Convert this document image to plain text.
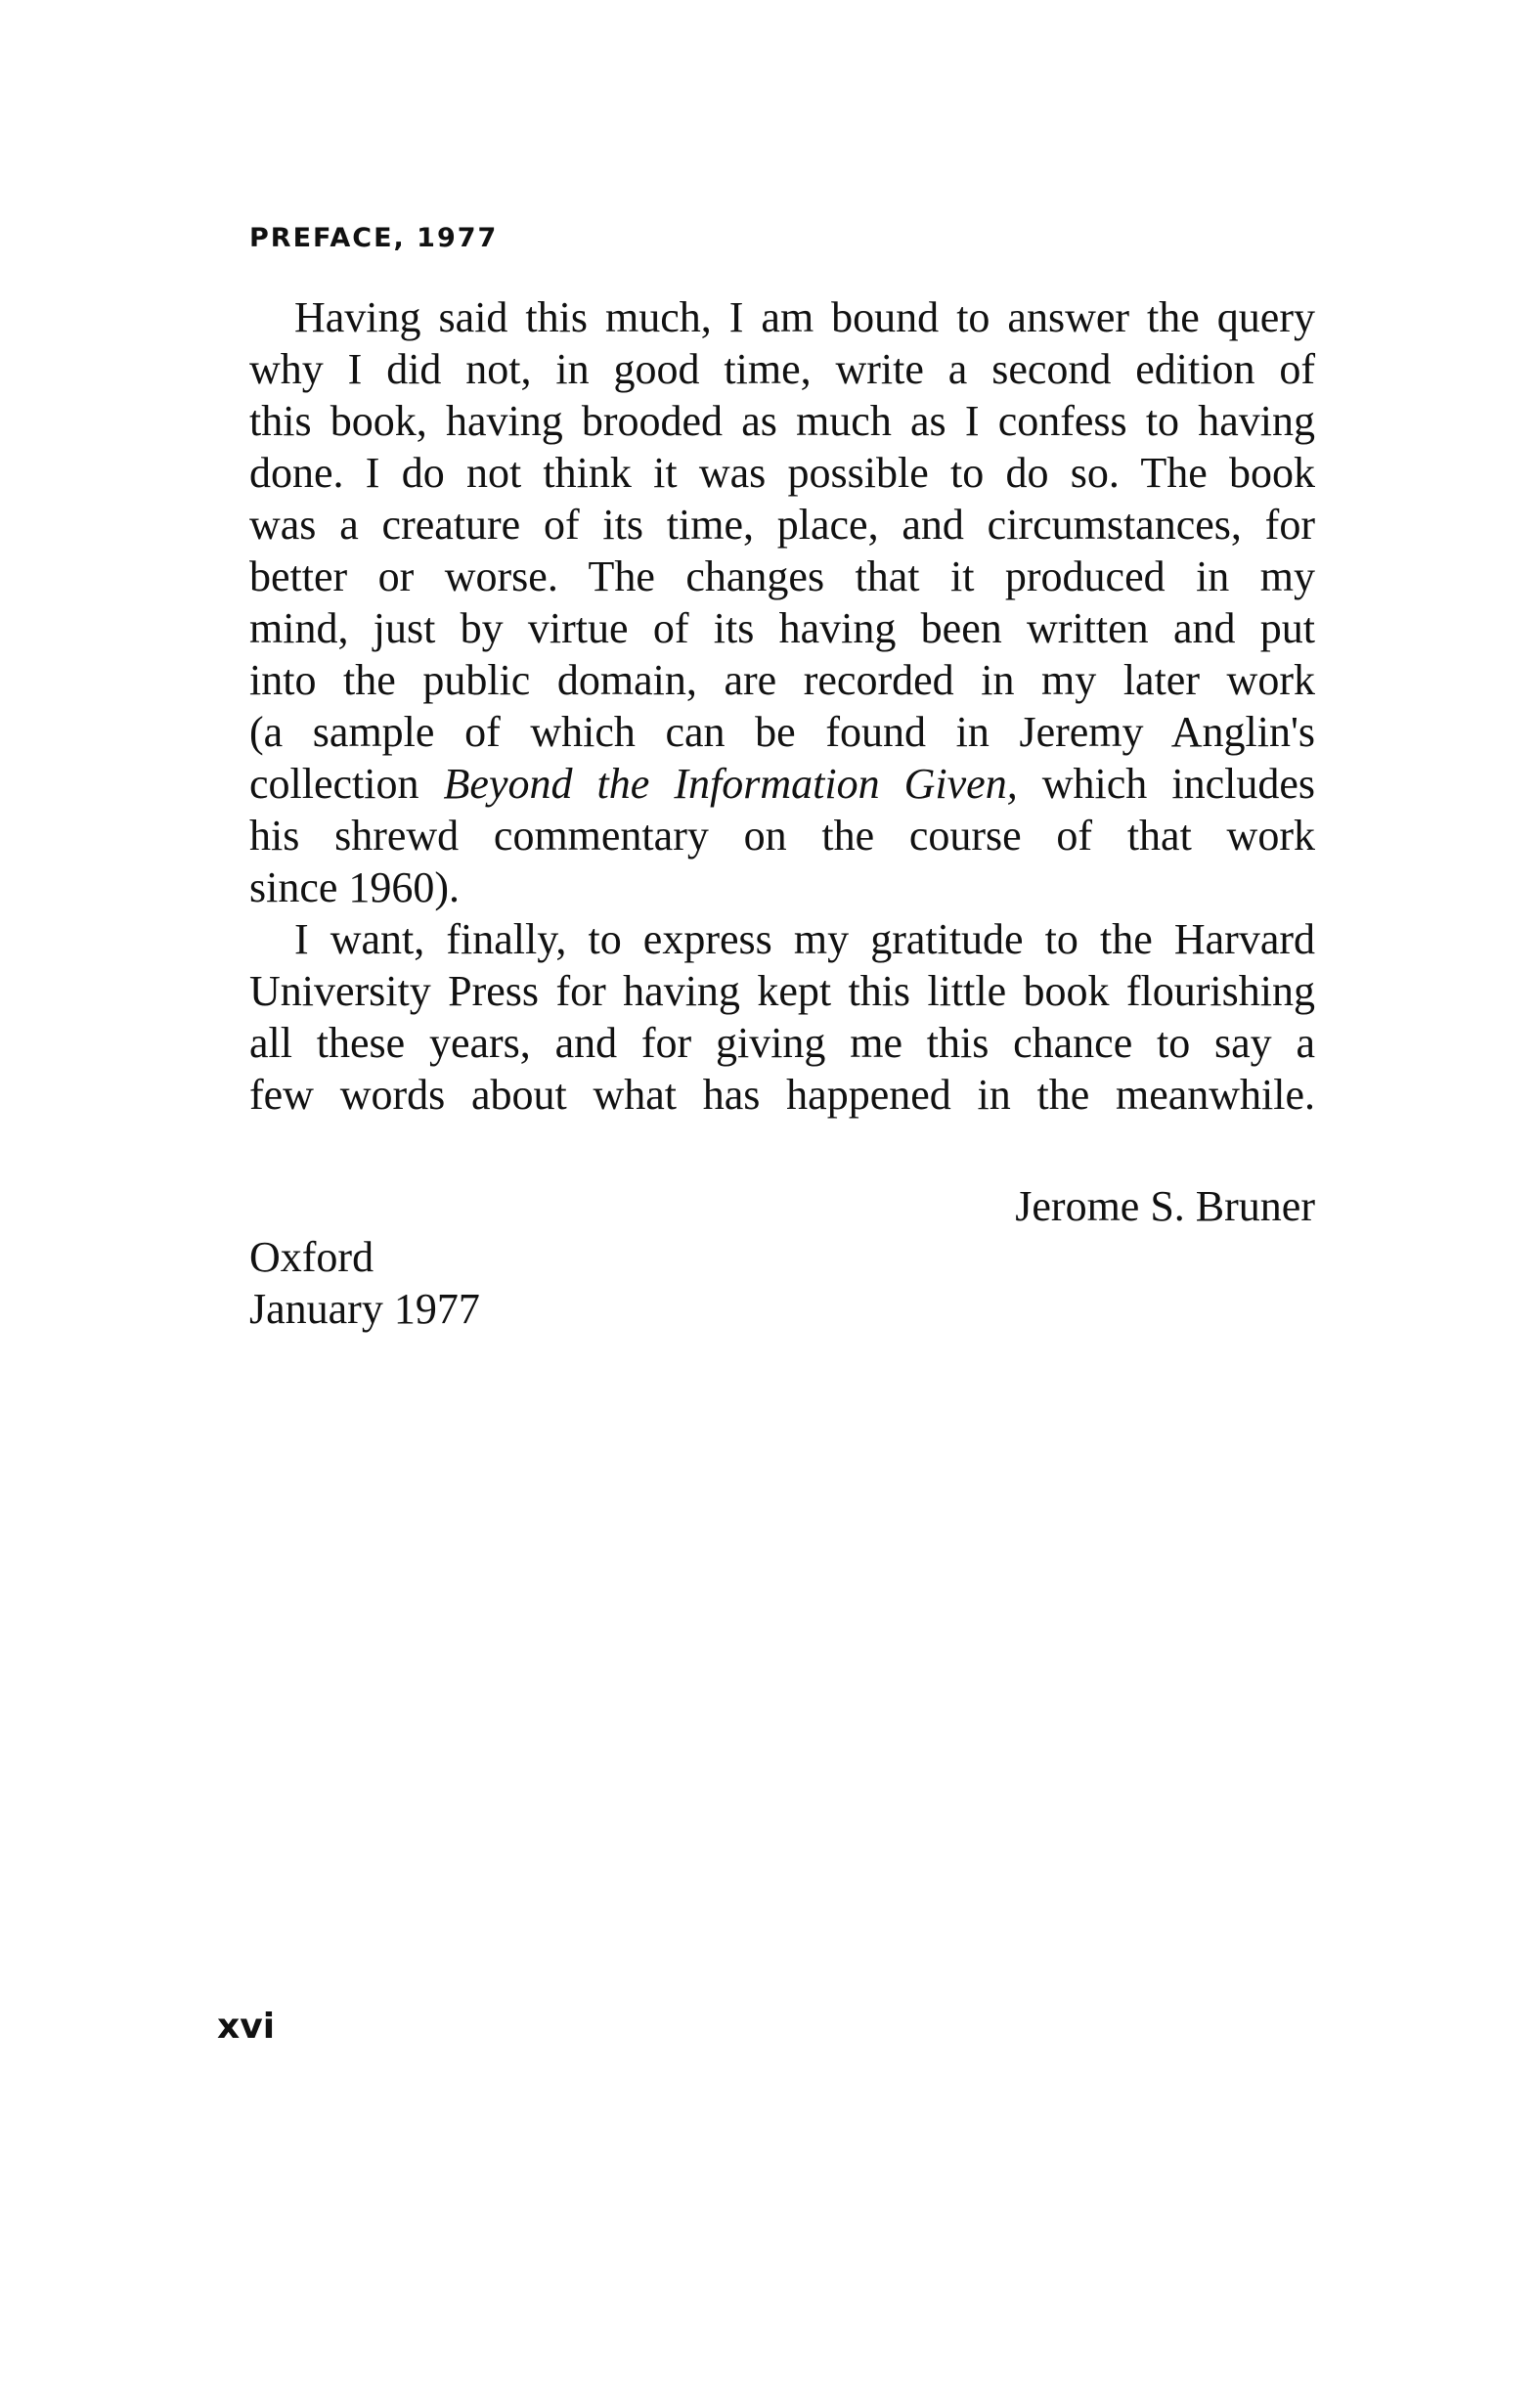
PREFACE, 1977

Having said this much, I am bound to answer the query
why I did not, in good time, write a second edition of
this book, having brooded as much as I confess to having
done. I do not think it was possible to do so. The book
was a creature of its time, place, and circumstances, for
better or worse. The changes that it produced in my
mind, just by virtue of its having been written and put
into the public domain, are recorded in my later work
(a sample of which can be found in Jeremy Anglin's
collection Beyond the Information Given, which includes
his shrewd commentary on the course of that work
since 1960).

I want, finally, to express my gratitude to the Harvard
University Press for having kept this little book flourishing
all these years, and for giving me this chance to say a
few words about what has happened in the meanwhile.

Jerome S. Bruner

Oxford

January 1977

xvi
